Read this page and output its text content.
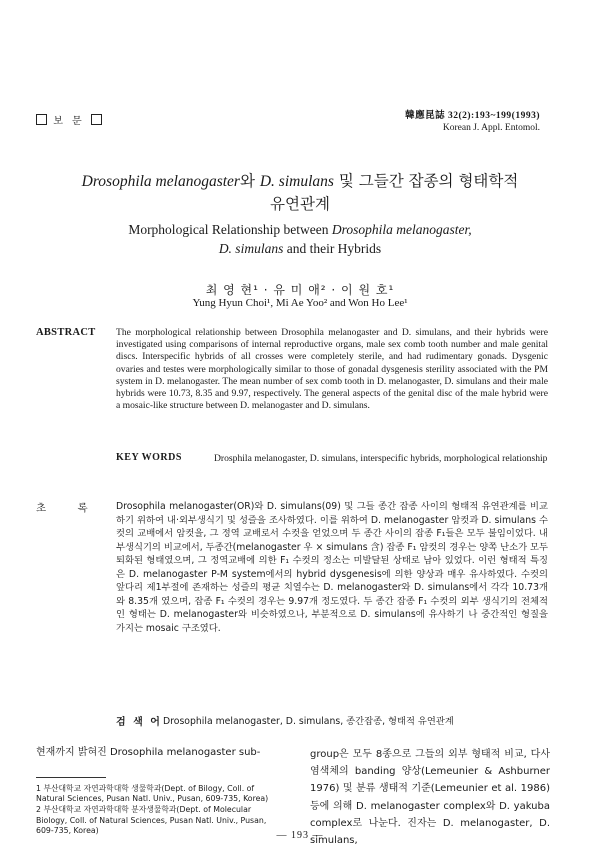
보 문	韓應昆誌 32(2):193~199(1993)
Korean J. Appl. Entomol.
Drosophila melanogaster와 D. simulans 및 그들간 잡종의 형태학적
유연관계
Morphological Relationship between Drosophila melanogaster,
D. simulans and their Hybrids
최 영 현¹ · 유 미 애² · 이 원 호¹
Yung Hyun Choi¹, Mi Ae Yoo² and Won Ho Lee¹
ABSTRACT The morphological relationship between Drosophila melanogaster and D. simulans, and their hybrids were investigated using comparisons of internal reproductive organs, male sex comb tooth number and male genital discs. Interspecific hybrids of all crosses were completely sterile, and had rudimentary gonads. Dysgenic ovaries and testes were morphologically similar to those of gonadal dysgenesis sterility associated with the PM system in D. melanogaster. The mean number of sex comb tooth in D. melanogaster, D. simulans and their male hybrids were 10.73, 8.35 and 9.97, respectively. The general aspects of the genital disc of the male hybrid were a mosaic-like structure between D. melanogaster and D. simulans.
KEY WORDS	Drosphila melanogaster, D. simulans, interspecific hybrids, morphological relationship
초 록 Drosophila melanogaster(OR)와 D. simulans(09) 및 그들 종간 잡종 사이의 형태적 유연관계를 비교하기 위하여 내·외부생식기 및 성즐을 조사하였다. 이를 위하여 D. melanogaster 암컷과 D. simulans 수컷의 교배에서 암컷을, 그 정역 교배로서 수컷을 얻었으며 두 종간 사이의 잡종 F₁들은 모두 불임이었다. 내부생식기의 비교에서, 두종간(melanogaster 우 × simulans 含) 잡종 F₁ 암컷의 경우는 양쪽 난소가 모두 퇴화된 형태였으며, 그 정역교배에 의한 F₁ 수컷의 정소는 미발달된 상태로 남아 있었다. 이런 형태적 특징은 D. melanogaster P-M system에서의 hybrid dysgenesis에 의한 양상과 매우 유사하였다. 수컷의 앞다리 제1부절에 존재하는 성즐의 평균 치열수는 D. melanogaster와 D. simulans에서 각각 10.73개와 8.35개 였으며, 잡종 F₁ 수컷의 경우는 9.97개 정도였다. 두 종간 잡종 F₁ 수컷의 외부 생식기의 전체적인 형태는 D. melanogaster와 비슷하였으나, 부분적으로 D. simulans에 유사하기 나 중간적인 형질을 가지는 mosaic 구조였다.
검 색 어 Drosophila melanogaster, D. simulans, 종간잡종, 형태적 유연관계
현재까지 밝혀진 Drosophila melanogaster sub-
1 부산대학교 자연과학대학 생물학과(Dept. of Bilogy, Coll. of Natural Sciences, Pusan Natl. Univ., Pusan, 609-735, Korea)
2 부산대학교 자연과학대학 분자생물학과(Dept. of Molecular Biology, Coll. of Natural Sciences, Pusan Natl. Univ., Pusan, 609-735, Korea)
group은 모두 8종으로 그들의 외부 형태적 비교, 다사 염색체의 banding 양상(Lemeunier & Ashburner 1976) 및 분류 생태적 기준(Lemeunier et al. 1986)등에 의해 D. melanogaster complex와 D. yakuba complex로 나눈다. 진자는 D. melanogaster, D. simulans,
— 193 —
